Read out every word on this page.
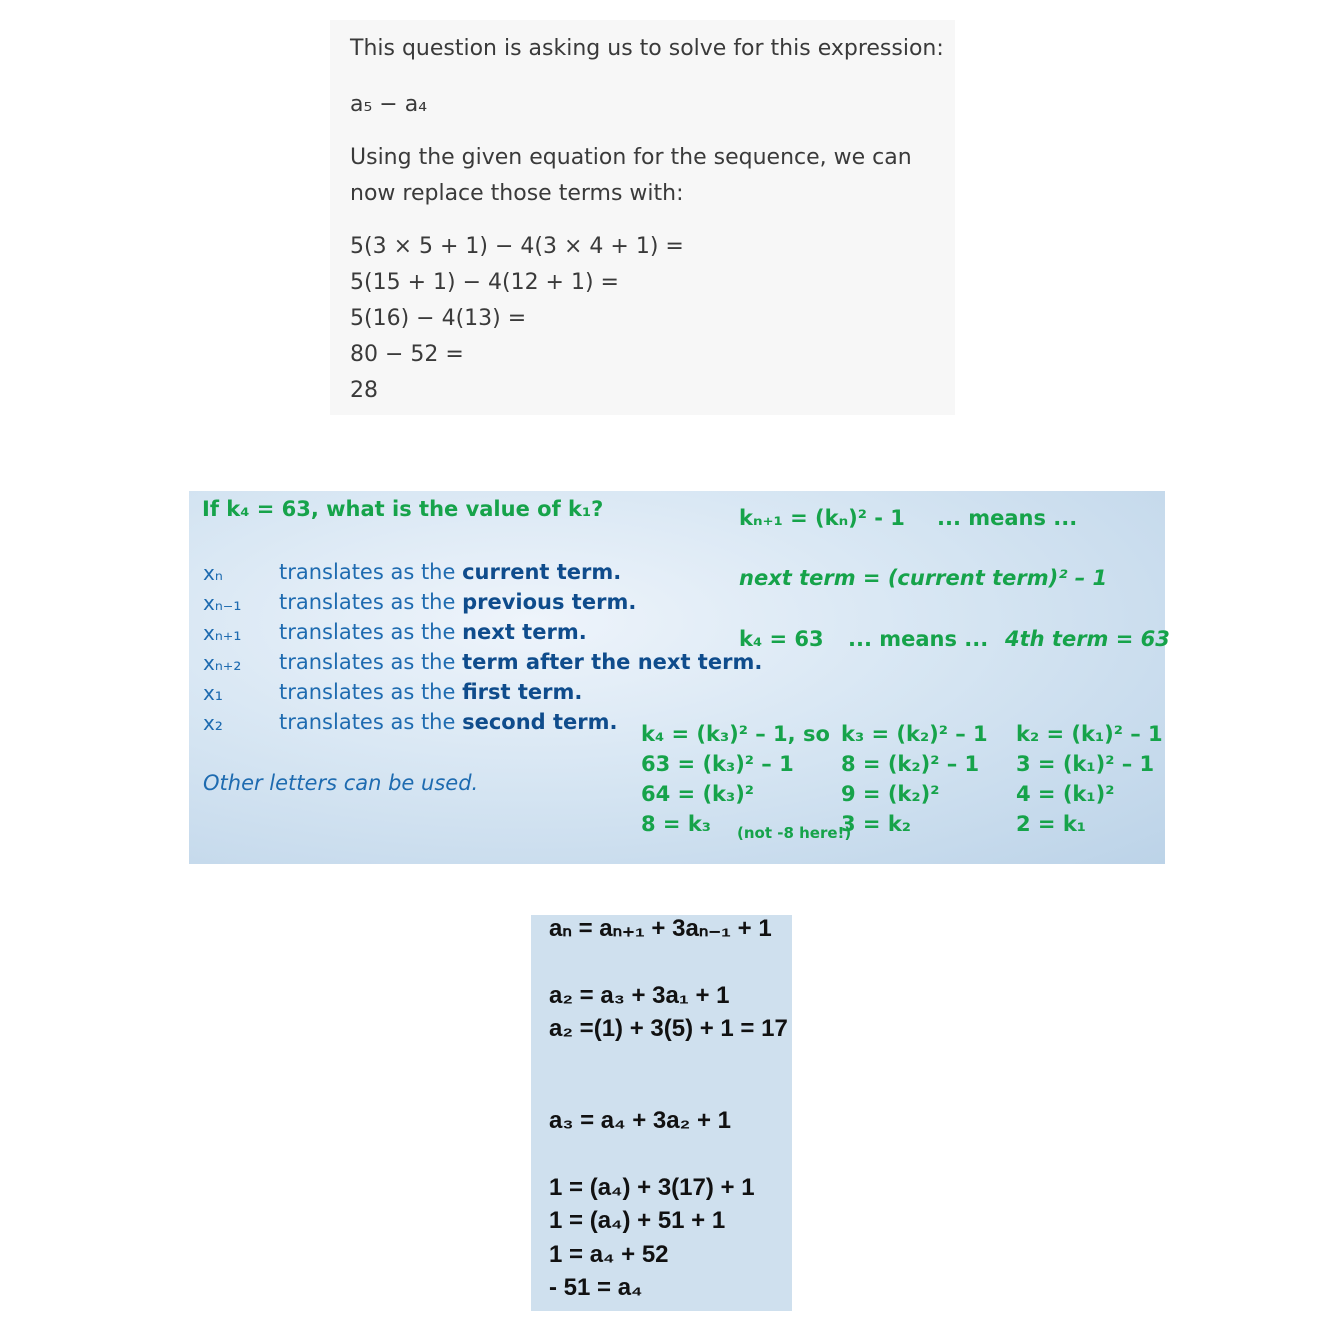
This question is asking us to solve for this expression:
a₅ − a₄
Using the given equation for the sequence, we can
now replace those terms with:
5(3 × 5 + 1) − 4(3 × 4 + 1) =
5(15 + 1) − 4(12 + 1) =
5(16) − 4(13) =
80 − 52 =
28
If k₄ = 63, what is the value of k₁?	kₙ₊₁ = (kₙ)² - 1 ... means ...
next term = (current term)² – 1
k₄ = 63 ... means ... 4th term = 63
xₙ	translates as the current term.
xₙ₋₁ translates as the previous term.
xₙ₊₁ translates as the next term.
xₙ₊₂ translates as the term after the next term.
x₁	translates as the first term.
x₂	translates as the second term.
Other letters can be used.
k₄ = (k₃)² – 1, so
63 = (k₃)² – 1
64 = (k₃)²
8 = k₃ (not -8 here!)
k₃ = (k₂)² – 1
8 = (k₂)² – 1
9 = (k₂)²
3 = k₂
k₂ = (k₁)² – 1
3 = (k₁)² – 1
4 = (k₁)²
2 = k₁
aₙ = aₙ₊₁ + 3aₙ₋₁ + 1
a₂ = a₃ + 3a₁ + 1
a₂ =(1) + 3(5) + 1 = 17
a₃ = a₄ + 3a₂ + 1
1 = (a₄) + 3(17) + 1
1 = (a₄) + 51 + 1
1 = a₄ + 52
- 51 = a₄
